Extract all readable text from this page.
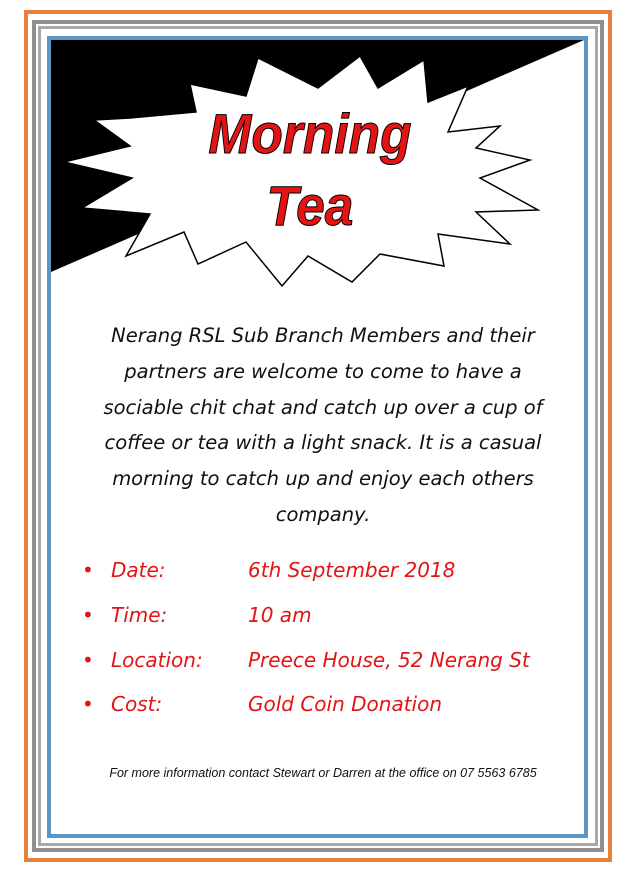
Morning
Tea
Nerang RSL Sub Branch Members and their partners are welcome to come to have a sociable chit chat and catch up over a cup of coffee or tea with a light snack. It is a casual morning to catch up and enjoy each others company.
• Date:	6th September 2018
• Time:	10 am
• Location: Preece House, 52 Nerang St
• Cost:	Gold Coin Donation
For more information contact Stewart or Darren at the office on 07 5563 6785
